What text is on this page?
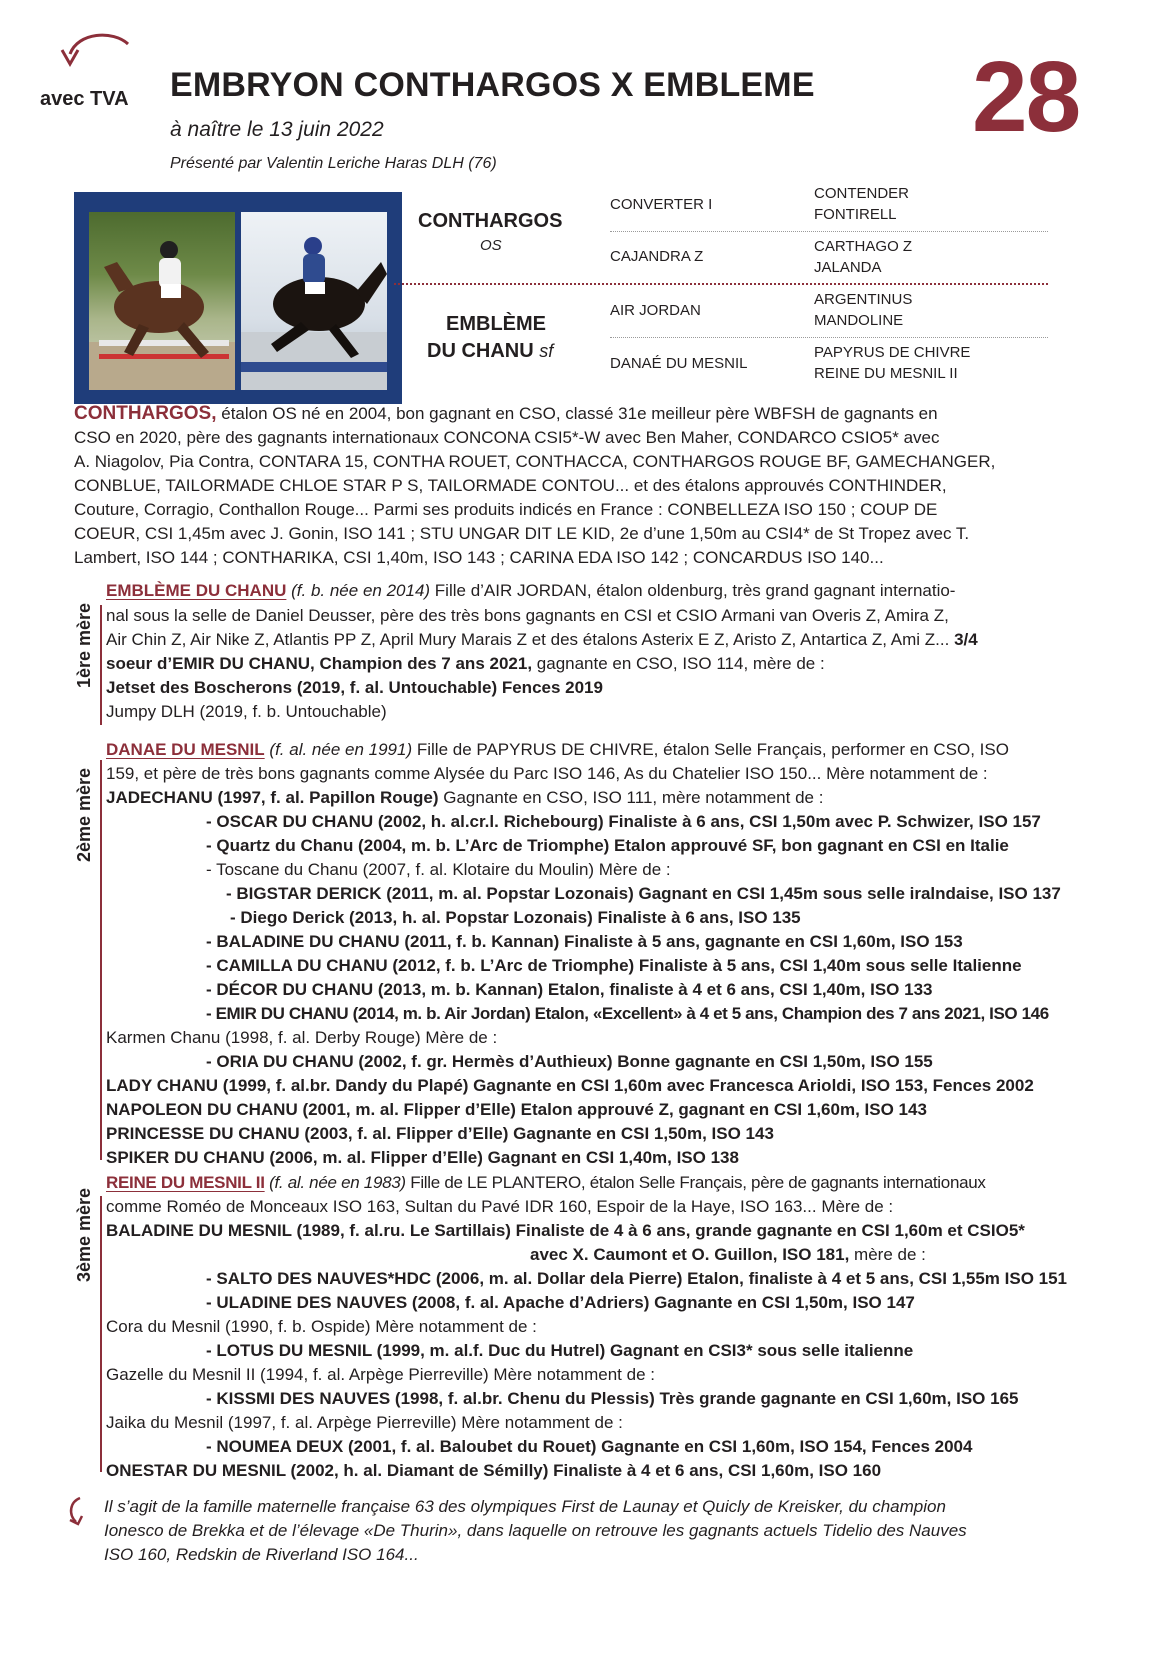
avec TVA EMBRYON CONTHARGOS X EMBLEME
à naître le 13 juin 2022
Présenté par Valentin Leriche Haras DLH (76)
28
CONTHARGOS
OS
EMBLÈME
DU CHANU sf
CONVERTER I
CAJANDRA Z
AIR JORDAN
DANAÉ DU MESNIL
CONTENDER
FONTIRELL
CARTHAGO Z
JALANDA
ARGENTINUS
MANDOLINE
PAPYRUS DE CHIVRE
REINE DU MESNIL II
CONTHARGOS, étalon OS né en 2004, bon gagnant en CSO, classé 31e meilleur père WBFSH de gagnants en
CSO en 2020, père des gagnants internationaux CONCONA CSI5*-W avec Ben Maher, CONDARCO CSIO5* avec
A. Niagolov, Pia Contra, CONTARA 15, CONTHA ROUET, CONTHACCA, CONTHARGOS ROUGE BF, GAMECHANGER,
CONBLUE, TAILORMADE CHLOE STAR P S, TAILORMADE CONTOU... et des étalons approuvés CONTHINDER,
Couture, Corragio, Conthallon Rouge... Parmi ses produits indicés en France : CONBELLEZA ISO 150 ; COUP DE
COEUR, CSI 1,45m avec J. Gonin, ISO 141 ; STU UNGAR DIT LE KID, 2e d’une 1,50m au CSI4* de St Tropez avec T.
Lambert, ISO 144 ; CONTHARIKA, CSI 1,40m, ISO 143 ; CARINA EDA ISO 142 ; CONCARDUS ISO 140...
1ère mère
EMBLÈME DU CHANU (f. b. née en 2014) Fille d’AIR JORDAN, étalon oldenburg, très grand gagnant internatio-
nal sous la selle de Daniel Deusser, père des très bons gagnants en CSI et CSIO Armani van Overis Z, Amira Z,
Air Chin Z, Air Nike Z, Atlantis PP Z, April Mury Marais Z et des étalons Asterix E Z, Aristo Z, Antartica Z, Ami Z... 3/4
soeur d’EMIR DU CHANU, Champion des 7 ans 2021, gagnante en CSO, ISO 114, mère de :
Jetset des Boscherons (2019, f. al. Untouchable) Fences 2019
Jumpy DLH (2019, f. b. Untouchable)
2ème mère
DANAE DU MESNIL (f. al. née en 1991) Fille de PAPYRUS DE CHIVRE, étalon Selle Français, performer en CSO, ISO
159, et père de très bons gagnants comme Alysée du Parc ISO 146, As du Chatelier ISO 150... Mère notamment de :
JADECHANU (1997, f. al. Papillon Rouge) Gagnante en CSO, ISO 111, mère notamment de :
- OSCAR DU CHANU (2002, h. al.cr.l. Richebourg) Finaliste à 6 ans, CSI 1,50m avec P. Schwizer, ISO 157
- Quartz du Chanu (2004, m. b. L’Arc de Triomphe) Etalon approuvé SF, bon gagnant en CSI en Italie
- Toscane du Chanu (2007, f. al. Klotaire du Moulin) Mère de :
- BIGSTAR DERICK (2011, m. al. Popstar Lozonais) Gagnant en CSI 1,45m sous selle iralndaise, ISO 137
- Diego Derick (2013, h. al. Popstar Lozonais) Finaliste à 6 ans, ISO 135
- BALADINE DU CHANU (2011, f. b. Kannan) Finaliste à 5 ans, gagnante en CSI 1,60m, ISO 153
- CAMILLA DU CHANU (2012, f. b. L’Arc de Triomphe) Finaliste à 5 ans, CSI 1,40m sous selle Italienne
- DÉCOR DU CHANU (2013, m. b. Kannan) Etalon, finaliste à 4 et 6 ans, CSI 1,40m, ISO 133
- EMIR DU CHANU (2014, m. b. Air Jordan) Etalon, «Excellent» à 4 et 5 ans, Champion des 7 ans 2021, ISO 146
Karmen Chanu (1998, f. al. Derby Rouge) Mère de :
- ORIA DU CHANU (2002, f. gr. Hermès d’Authieux) Bonne gagnante en CSI 1,50m, ISO 155
LADY CHANU (1999, f. al.br. Dandy du Plapé) Gagnante en CSI 1,60m avec Francesca Arioldi, ISO 153, Fences 2002
NAPOLEON DU CHANU (2001, m. al. Flipper d’Elle) Etalon approuvé Z, gagnant en CSI 1,60m, ISO 143
PRINCESSE DU CHANU (2003, f. al. Flipper d’Elle) Gagnante en CSI 1,50m, ISO 143
SPIKER DU CHANU (2006, m. al. Flipper d’Elle) Gagnant en CSI 1,40m, ISO 138
3ème mère
REINE DU MESNIL II (f. al. née en 1983) Fille de LE PLANTERO, étalon Selle Français, père de gagnants internationaux
comme Roméo de Monceaux ISO 163, Sultan du Pavé IDR 160, Espoir de la Haye, ISO 163... Mère de :
BALADINE DU MESNIL (1989, f. al.ru. Le Sartillais) Finaliste de 4 à 6 ans, grande gagnante en CSI 1,60m et CSIO5*
avec X. Caumont et O. Guillon, ISO 181, mère de :
- SALTO DES NAUVES*HDC (2006, m. al. Dollar dela Pierre) Etalon, finaliste à 4 et 5 ans, CSI 1,55m ISO 151
- ULADINE DES NAUVES (2008, f. al. Apache d’Adriers) Gagnante en CSI 1,50m, ISO 147
Cora du Mesnil (1990, f. b. Ospide) Mère notamment de :
- LOTUS DU MESNIL (1999, m. al.f. Duc du Hutrel) Gagnant en CSI3* sous selle italienne
Gazelle du Mesnil II (1994, f. al. Arpège Pierreville) Mère notamment de :
- KISSMI DES NAUVES (1998, f. al.br. Chenu du Plessis) Très grande gagnante en CSI 1,60m, ISO 165
Jaika du Mesnil (1997, f. al. Arpège Pierreville) Mère notamment de :
- NOUMEA DEUX (2001, f. al. Baloubet du Rouet) Gagnante en CSI 1,60m, ISO 154, Fences 2004
ONESTAR DU MESNIL (2002, h. al. Diamant de Sémilly) Finaliste à 4 et 6 ans, CSI 1,60m, ISO 160
Il s’agit de la famille maternelle française 63 des olympiques First de Launay et Quicly de Kreisker, du champion
Ionesco de Brekka et de l’élevage «De Thurin», dans laquelle on retrouve les gagnants actuels Tidelio des Nauves
ISO 160, Redskin de Riverland ISO 164...
